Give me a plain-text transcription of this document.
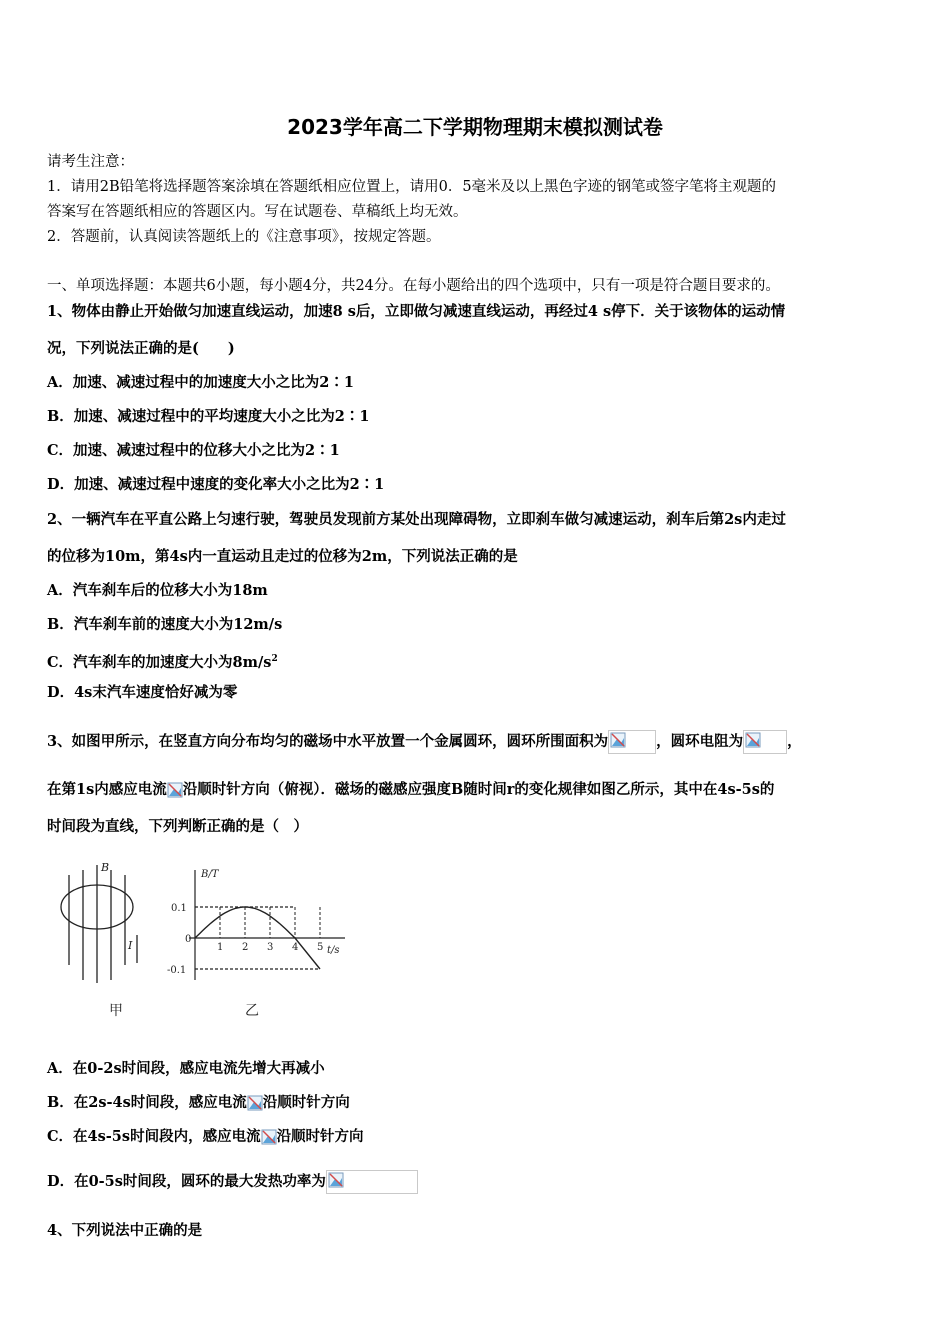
2023学年高二下学期物理期末模拟测试卷
请考生注意：
1．请用2B铅笔将选择题答案涂填在答题纸相应位置上，请用0．5毫米及以上黑色字迹的钢笔或签字笔将主观题的
答案写在答题纸相应的答题区内。写在试题卷、草稿纸上均无效。
2．答题前，认真阅读答题纸上的《注意事项》，按规定答题。
一、单项选择题：本题共6小题，每小题4分，共24分。在每小题给出的四个选项中，只有一项是符合题目要求的。
1、物体由静止开始做匀加速直线运动，加速8 s后，立即做匀减速直线运动，再经过4 s停下．关于该物体的运动情
况，下列说法正确的是(　　)
A．加速、减速过程中的加速度大小之比为2∶1
B．加速、减速过程中的平均速度大小之比为2∶1
C．加速、减速过程中的位移大小之比为2∶1
D．加速、减速过程中速度的变化率大小之比为2∶1
2、一辆汽车在平直公路上匀速行驶，驾驶员发现前方某处出现障碍物，立即刹车做匀减速运动，刹车后第2s内走过
的位移为10m，第4s内一直运动且走过的位移为2m，下列说法正确的是
A．汽车刹车后的位移大小为18m
B．汽车刹车前的速度大小为12m/s
C．汽车刹车的加速度大小为$8m/s^2$
D．4s末汽车速度恰好减为零
3、如图甲所示，在竖直方向分布均匀的磁场中水平放置一个金属圆环，圆环所围面积为	，圆环电阻为	，
在第1s内感应电流 沿顺时针方向（俯视）．磁场的磁感应强度B随时间r的变化规律如图乙所示，其中在4s-5s的
时间段为直线，下列判断正确的是（　）
B
I
甲
B/T
t/s
0.1
0
-0.1
1 2 3 4 5
乙
A．在0-2s时间段，感应电流先增大再减小
B．在2s-4s时间段，感应电流 沿顺时针方向
C．在4s-5s时间段内，感应电流 沿顺时针方向
D．在0-5s时间段，圆环的最大发热功率为
4、下列说法中正确的是
